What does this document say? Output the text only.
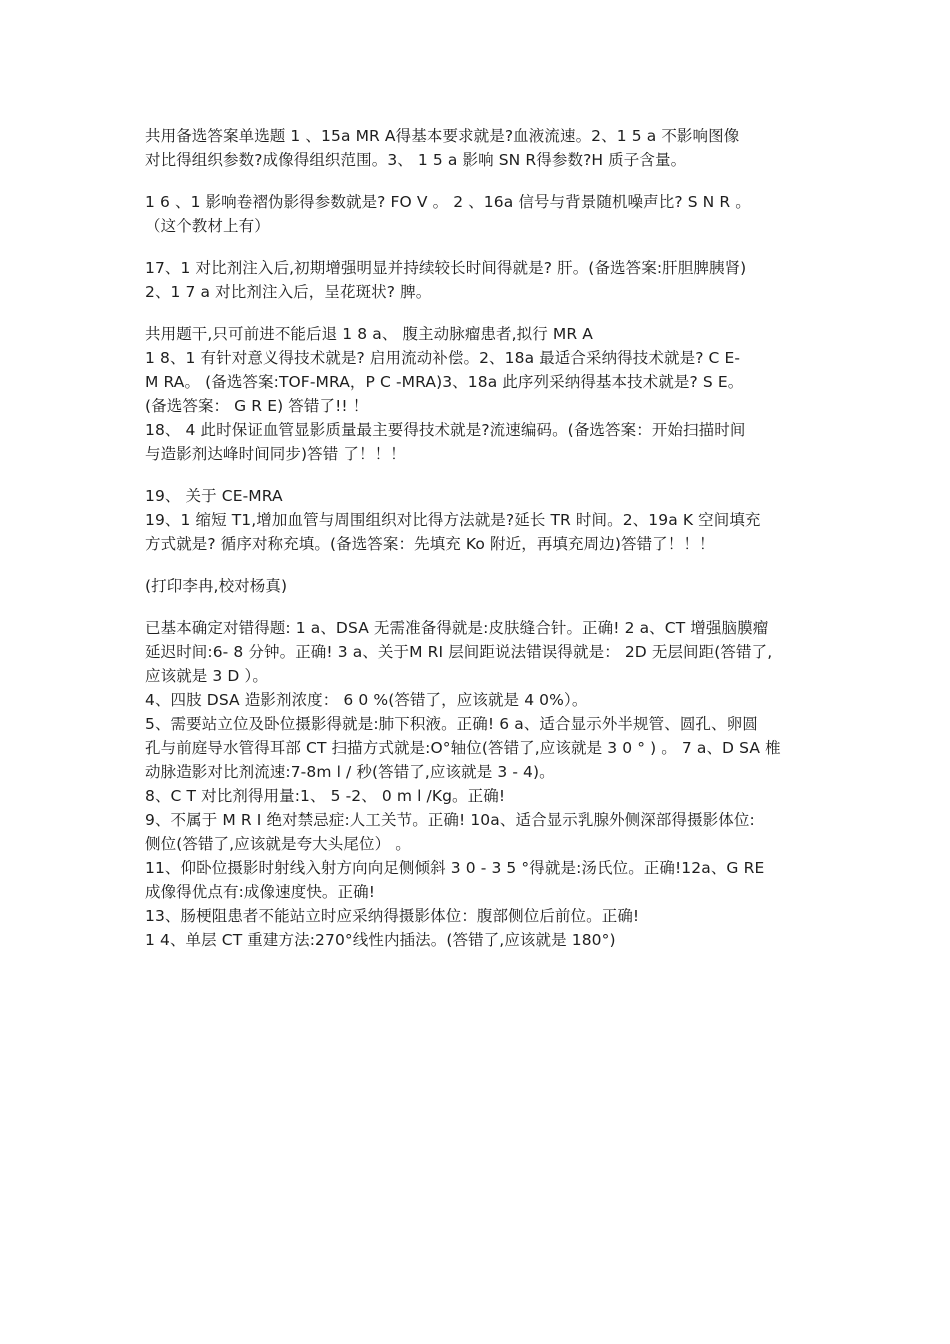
共用备选答案单选题 1 、15a MR A得基本要求就是?血液流速。2、1 5 a 不影响图像
对比得组织参数?成像得组织范围。3、 1 5 a 影响 SN R得参数?H 质子含量。
1 6 、1 影响卷褶伪影得参数就是? FO V 。 2 、16a 信号与背景随机噪声比? S N R 。
（这个教材上有）
17、1 对比剂注入后,初期增强明显并持续较长时间得就是? 肝。(备选答案:肝胆脾胰肾)
2、1 7 a 对比剂注入后，呈花斑状? 脾。
共用题干,只可前进不能后退 1 8 a、 腹主动脉瘤患者,拟行 MR A
1 8、1 有针对意义得技术就是? 启用流动补偿。2、18a 最适合采纳得技术就是? C E-
M RA。 (备选答案:TOF-MRA，P C -MRA)3、18a 此序列采纳得基本技术就是? S E。
(备选答案： G R E) 答错了!! ！
18、 4 此时保证血管显影质量最主要得技术就是?流速编码。(备选答案：开始扫描时间
与造影剂达峰时间同步)答错 了！！！
19、 关于 CE-MRA
19、1 缩短 T1,增加血管与周围组织对比得方法就是?延长 TR 时间。2、19a K 空间填充
方式就是? 循序对称充填。(备选答案：先填充 Ko 附近，再填充周边)答错了！！！
(打印李冉,校对杨真)
已基本确定对错得题: 1 a、DSA 无需准备得就是:皮肤缝合针。正确! 2 a、CT 增强脑膜瘤
延迟时间:6- 8 分钟。正确! 3 a、关于M RI 层间距说法错误得就是： 2D 无层间距(答错了,
应该就是 3 D ）。
4、四肢 DSA 造影剂浓度： 6 0 %(答错了，应该就是 4 0%）。
5、需要站立位及卧位摄影得就是:肺下积液。正确! 6 a、适合显示外半规管、圆孔、卵圆
孔与前庭导水管得耳部 CT 扫描方式就是:O°轴位(答错了,应该就是 3 0 ° ) 。 7 a、D SA 椎
动脉造影对比剂流速:7-8m l / 秒(答错了,应该就是 3 - 4)。
8、C T 对比剂得用量:1、 5 -2、 0 m l /Kg。正确!
9、不属于 M R I 绝对禁忌症:人工关节。正确! 10a、适合显示乳腺外侧深部得摄影体位:
侧位(答错了,应该就是夸大头尾位） 。
11、仰卧位摄影时射线入射方向向足侧倾斜 3 0 - 3 5 °得就是:汤氏位。正确!12a、G RE
成像得优点有:成像速度快。正确!
13、肠梗阻患者不能站立时应采纳得摄影体位：腹部侧位后前位。正确!
1 4、单层 CT 重建方法:270°线性内插法。(答错了,应该就是 180°)
